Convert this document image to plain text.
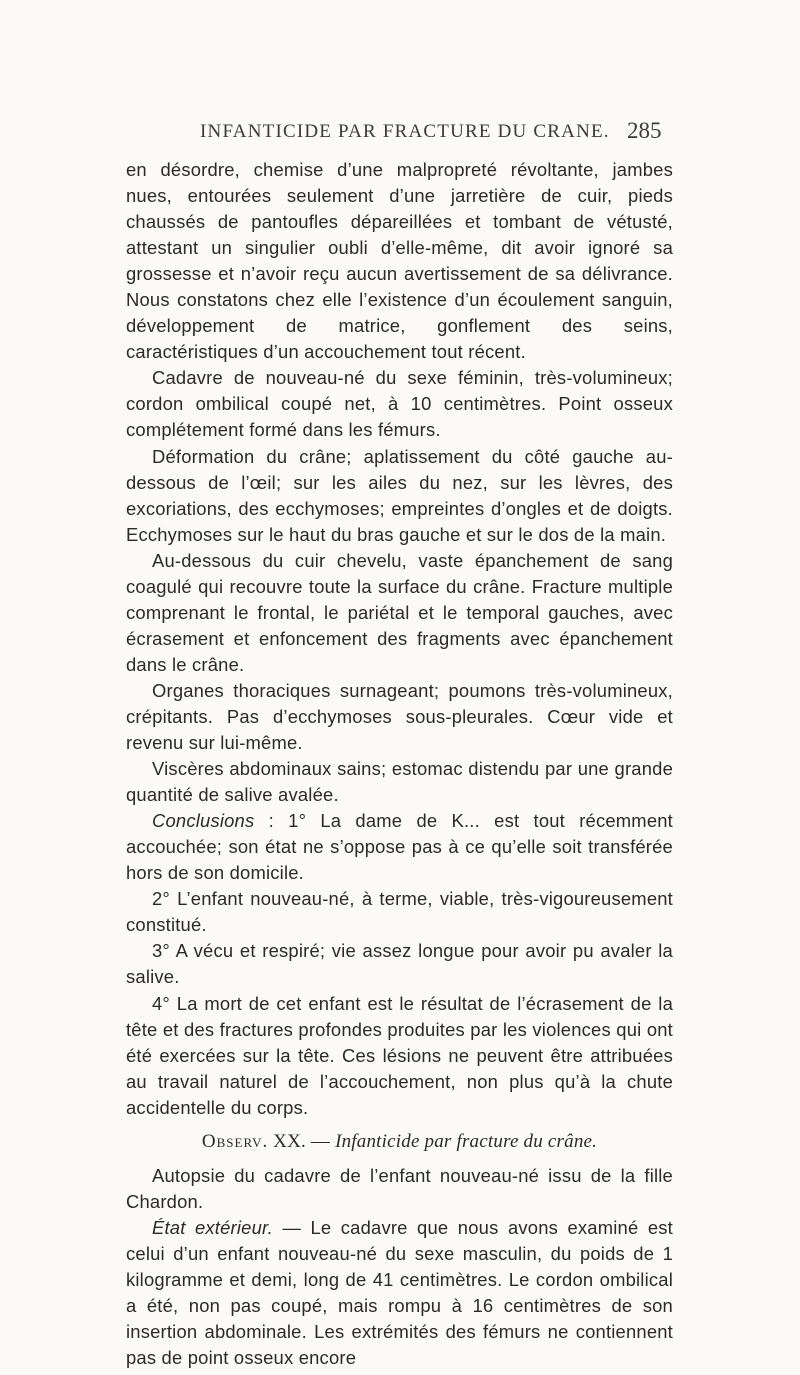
INFANTICIDE PAR FRACTURE DU CRANE. 285

en désordre, chemise d’une malpropreté révoltante, jambes nues, entourées seulement d’une jarretière de cuir, pieds chaussés de pantoufles dépareillées et tombant de vétusté, attestant un singulier oubli d’elle-même, dit avoir ignoré sa grossesse et n’avoir reçu aucun avertissement de sa délivrance. Nous constatons chez elle l’existence d’un écoulement sanguin, développement de matrice, gonflement des seins, caractéristiques d’un accouchement tout récent.

Cadavre de nouveau-né du sexe féminin, très-volumineux; cordon ombilical coupé net, à 10 centimètres. Point osseux complétement formé dans les fémurs.

Déformation du crâne; aplatissement du côté gauche au-dessous de l’œil; sur les ailes du nez, sur les lèvres, des excoriations, des ecchymoses; empreintes d’ongles et de doigts. Ecchymoses sur le haut du bras gauche et sur le dos de la main.

Au-dessous du cuir chevelu, vaste épanchement de sang coagulé qui recouvre toute la surface du crâne. Fracture multiple comprenant le frontal, le pariétal et le temporal gauches, avec écrasement et enfoncement des fragments avec épanchement dans le crâne.

Organes thoraciques surnageant; poumons très-volumineux, crépitants. Pas d’ecchymoses sous-pleurales. Cœur vide et revenu sur lui-même.

Viscères abdominaux sains; estomac distendu par une grande quantité de salive avalée.

Conclusions : 1° La dame de K... est tout récemment accouchée; son état ne s’oppose pas à ce qu’elle soit transférée hors de son domicile.

2° L’enfant nouveau-né, à terme, viable, très-vigoureusement constitué.

3° A vécu et respiré; vie assez longue pour avoir pu avaler la salive.

4° La mort de cet enfant est le résultat de l’écrasement de la tête et des fractures profondes produites par les violences qui ont été exercées sur la tête. Ces lésions ne peuvent être attribuées au travail naturel de l’accouchement, non plus qu’à la chute accidentelle du corps.

Observ. XX. — Infanticide par fracture du crâne.

Autopsie du cadavre de l’enfant nouveau-né issu de la fille Chardon.

État extérieur. — Le cadavre que nous avons examiné est celui d’un enfant nouveau-né du sexe masculin, du poids de 1 kilogramme et demi, long de 41 centimètres. Le cordon ombilical a été, non pas coupé, mais rompu à 16 centimètres de son insertion abdominale. Les extrémités des fémurs ne contiennent pas de point osseux encore
